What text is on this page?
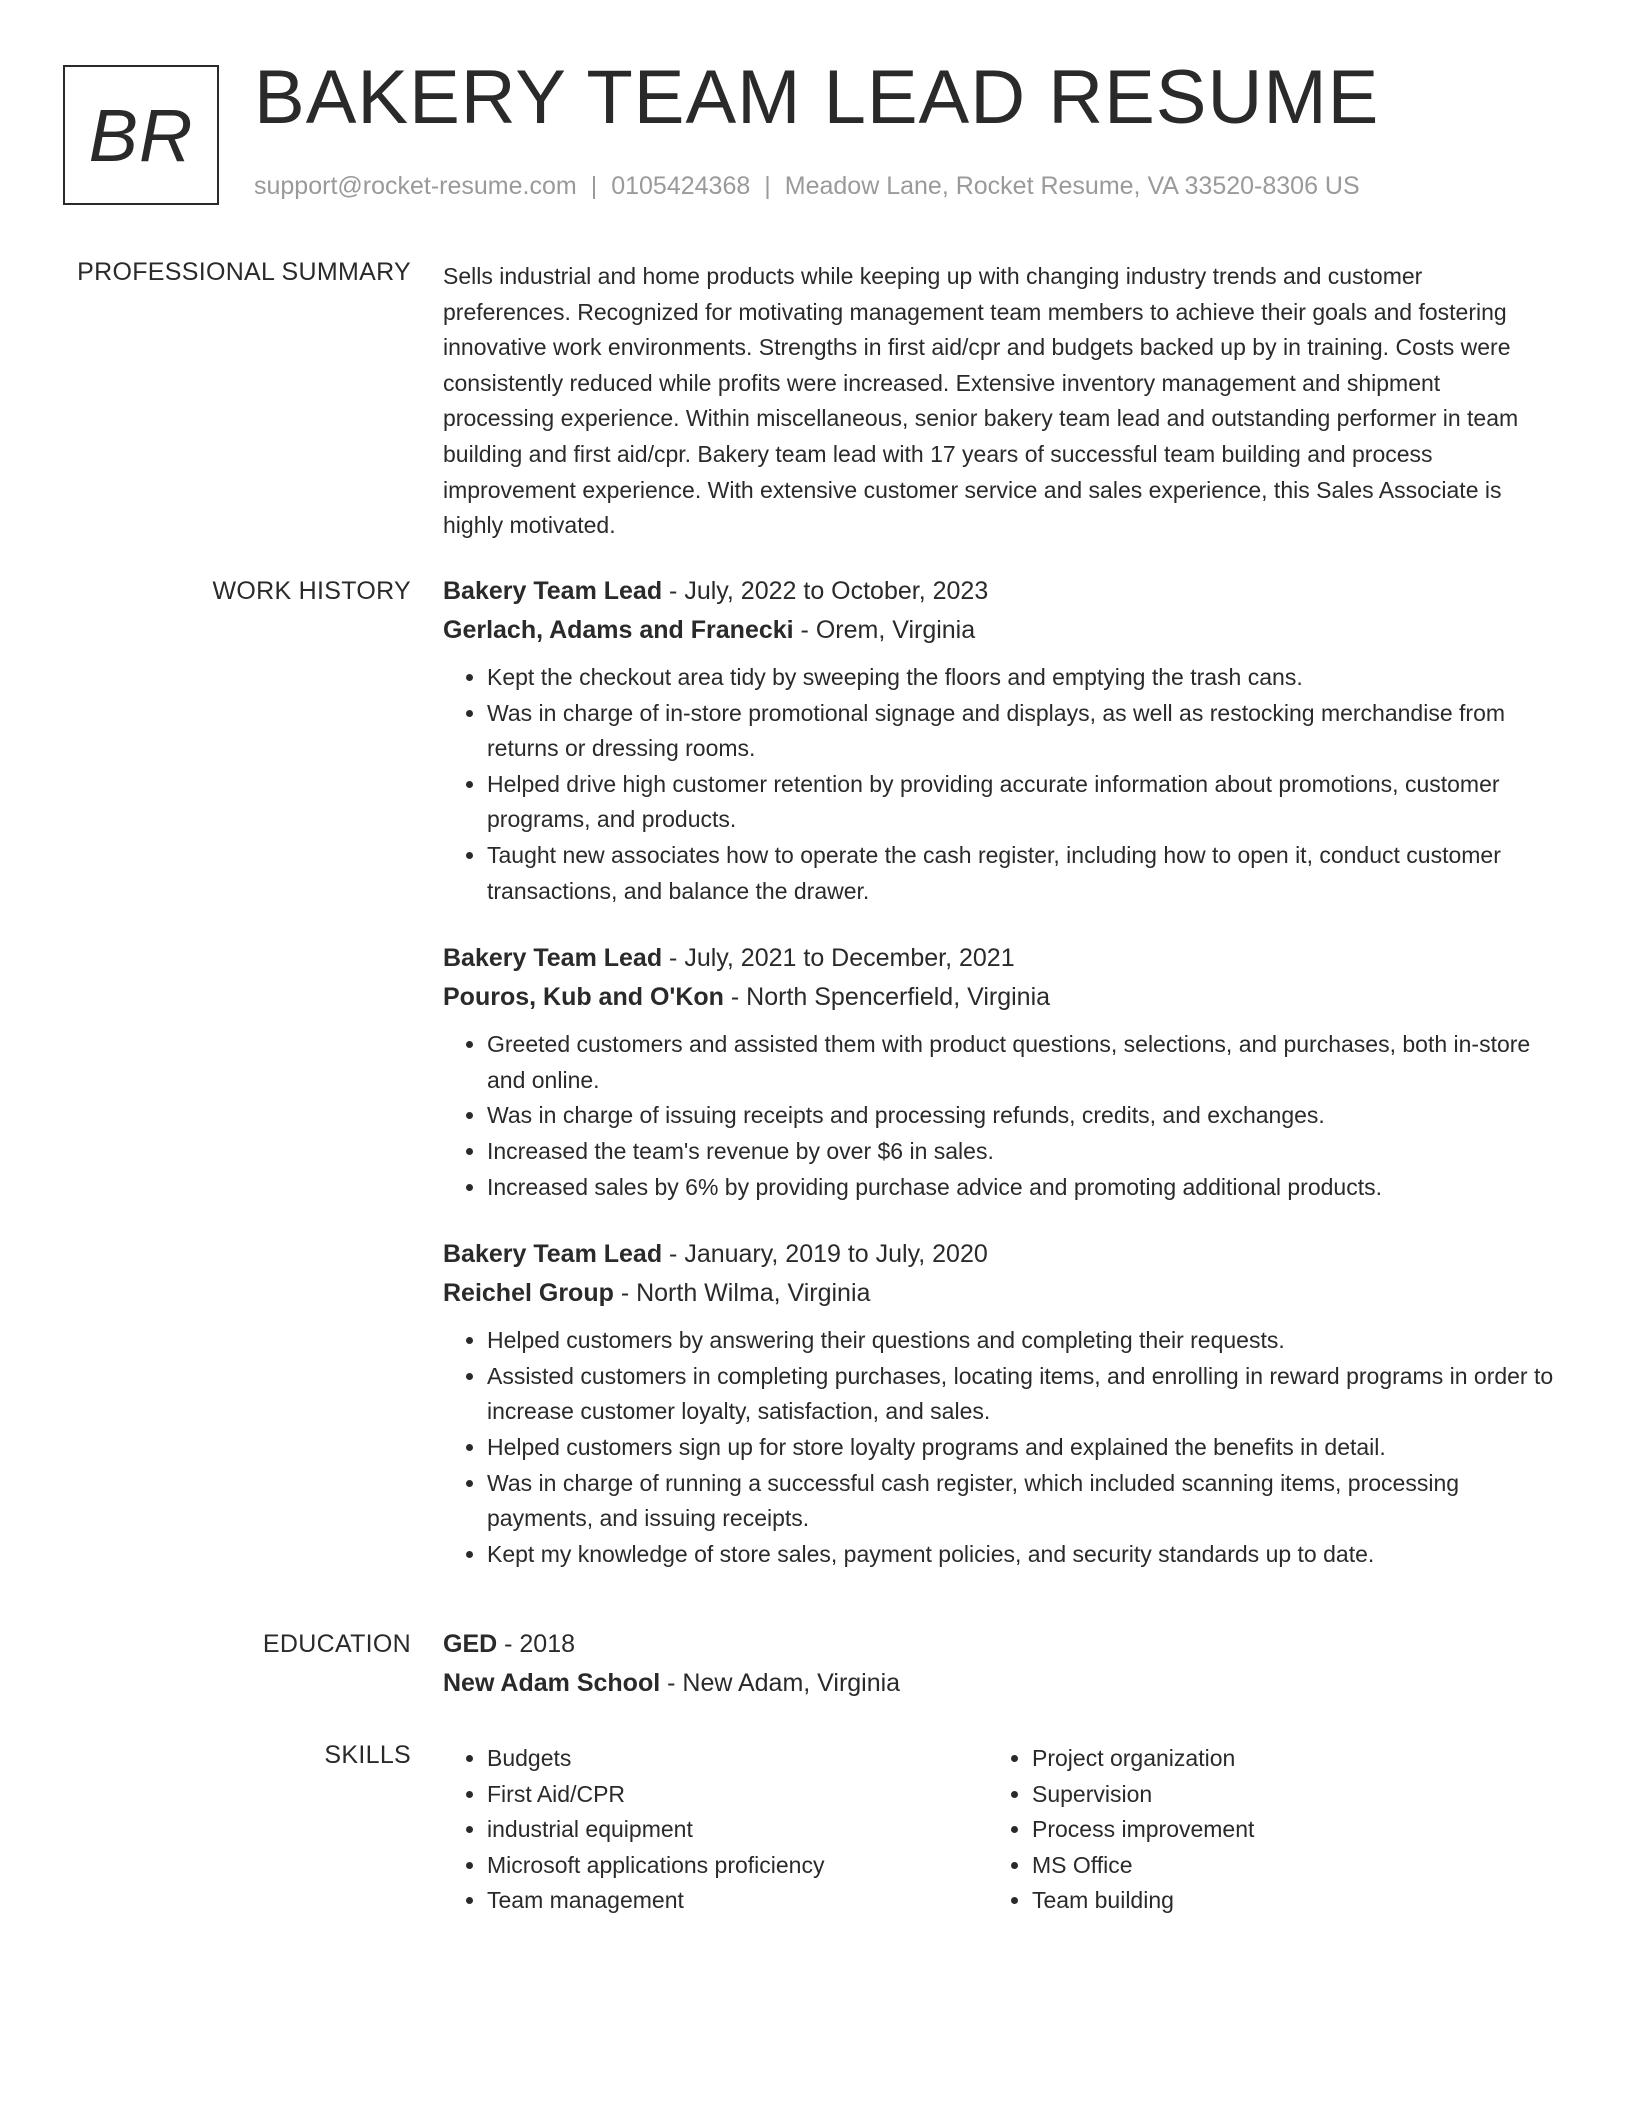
BR BAKERY TEAM LEAD RESUME
support@rocket-resume.com | 0105424368 | Meadow Lane, Rocket Resume, VA 33520-8306 US
PROFESSIONAL SUMMARY Sells industrial and home products while keeping up with changing industry trends and customer preferences. Recognized for motivating management team members to achieve their goals and fostering innovative work environments. Strengths in first aid/cpr and budgets backed up by in training. Costs were consistently reduced while profits were increased. Extensive inventory management and shipment processing experience. Within miscellaneous, senior bakery team lead and outstanding performer in team building and first aid/cpr. Bakery team lead with 17 years of successful team building and process improvement experience. With extensive customer service and sales experience, this Sales Associate is highly motivated.

WORK HISTORY Bakery Team Lead - July, 2022 to October, 2023
Gerlach, Adams and Franecki - Orem, Virginia
• Kept the checkout area tidy by sweeping the floors and emptying the trash cans.
• Was in charge of in-store promotional signage and displays, as well as restocking merchandise from returns or dressing rooms.
• Helped drive high customer retention by providing accurate information about promotions, customer programs, and products.
• Taught new associates how to operate the cash register, including how to open it, conduct customer transactions, and balance the drawer.
Bakery Team Lead - July, 2021 to December, 2021
Pouros, Kub and O'Kon - North Spencerfield, Virginia
• Greeted customers and assisted them with product questions, selections, and purchases, both in-store and online.
• Was in charge of issuing receipts and processing refunds, credits, and exchanges.
• Increased the team's revenue by over $6 in sales.
• Increased sales by 6% by providing purchase advice and promoting additional products.
Bakery Team Lead - January, 2019 to July, 2020
Reichel Group - North Wilma, Virginia
• Helped customers by answering their questions and completing their requests.
• Assisted customers in completing purchases, locating items, and enrolling in reward programs in order to increase customer loyalty, satisfaction, and sales.
• Helped customers sign up for store loyalty programs and explained the benefits in detail.
• Was in charge of running a successful cash register, which included scanning items, processing payments, and issuing receipts.
• Kept my knowledge of store sales, payment policies, and security standards up to date.
EDUCATION GED - 2018
New Adam School - New Adam, Virginia
SKILLS
•	Budgets
• First Aid/CPR
• industrial equipment
• Microsoft applications proficiency
• Team management
• Project organization
• Supervision
• Process improvement
• MS Office
• Team building
